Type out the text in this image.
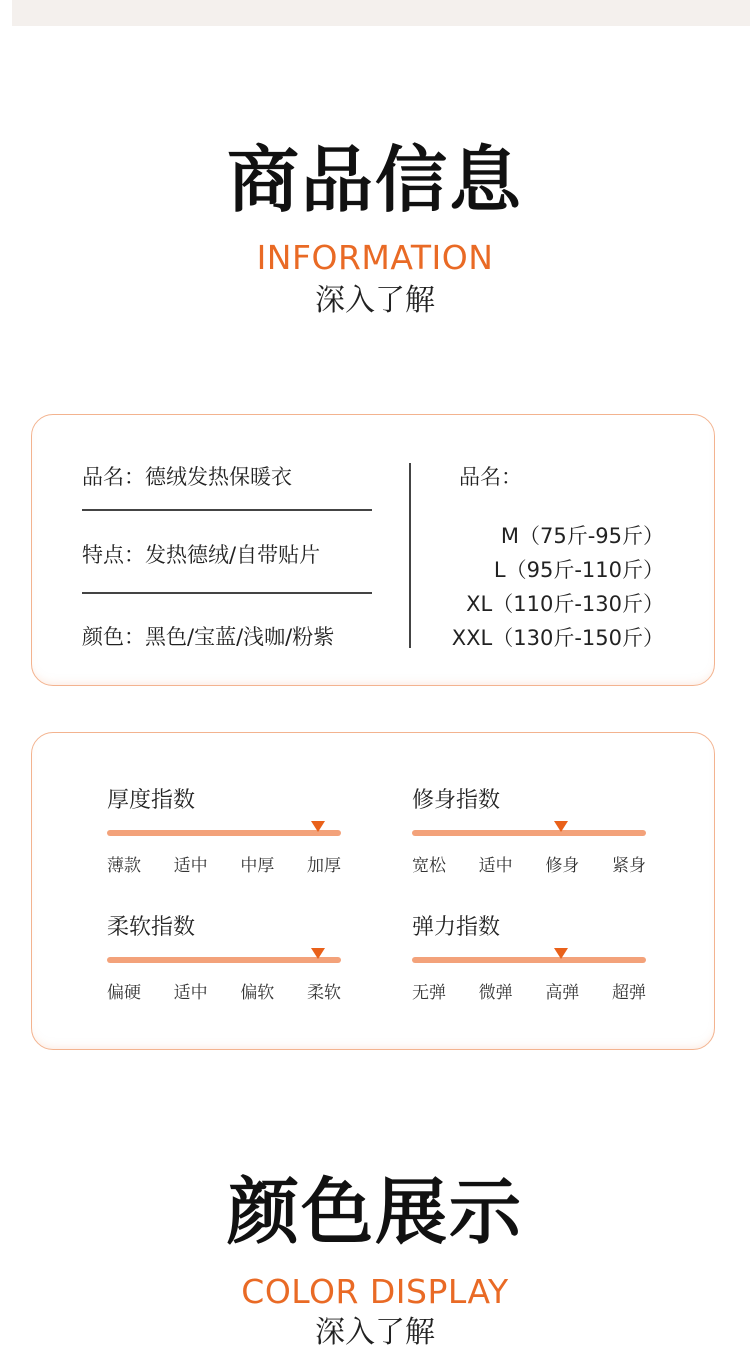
商品信息
INFORMATION
深入了解
品名：德绒发热保暖衣
特点：发热德绒/自带贴片
颜色：黑色/宝蓝/浅咖/粉紫
品名：
M（75斤-95斤）
L（95斤-110斤）
XL（110斤-130斤）
XXL（130斤-150斤）
厚度指数
薄款 适中 中厚 加厚
修身指数
宽松 适中 修身 紧身
柔软指数
偏硬 适中 偏软 柔软
弹力指数
无弹 微弹 高弹 超弹
颜色展示
COLOR DISPLAY
深入了解
